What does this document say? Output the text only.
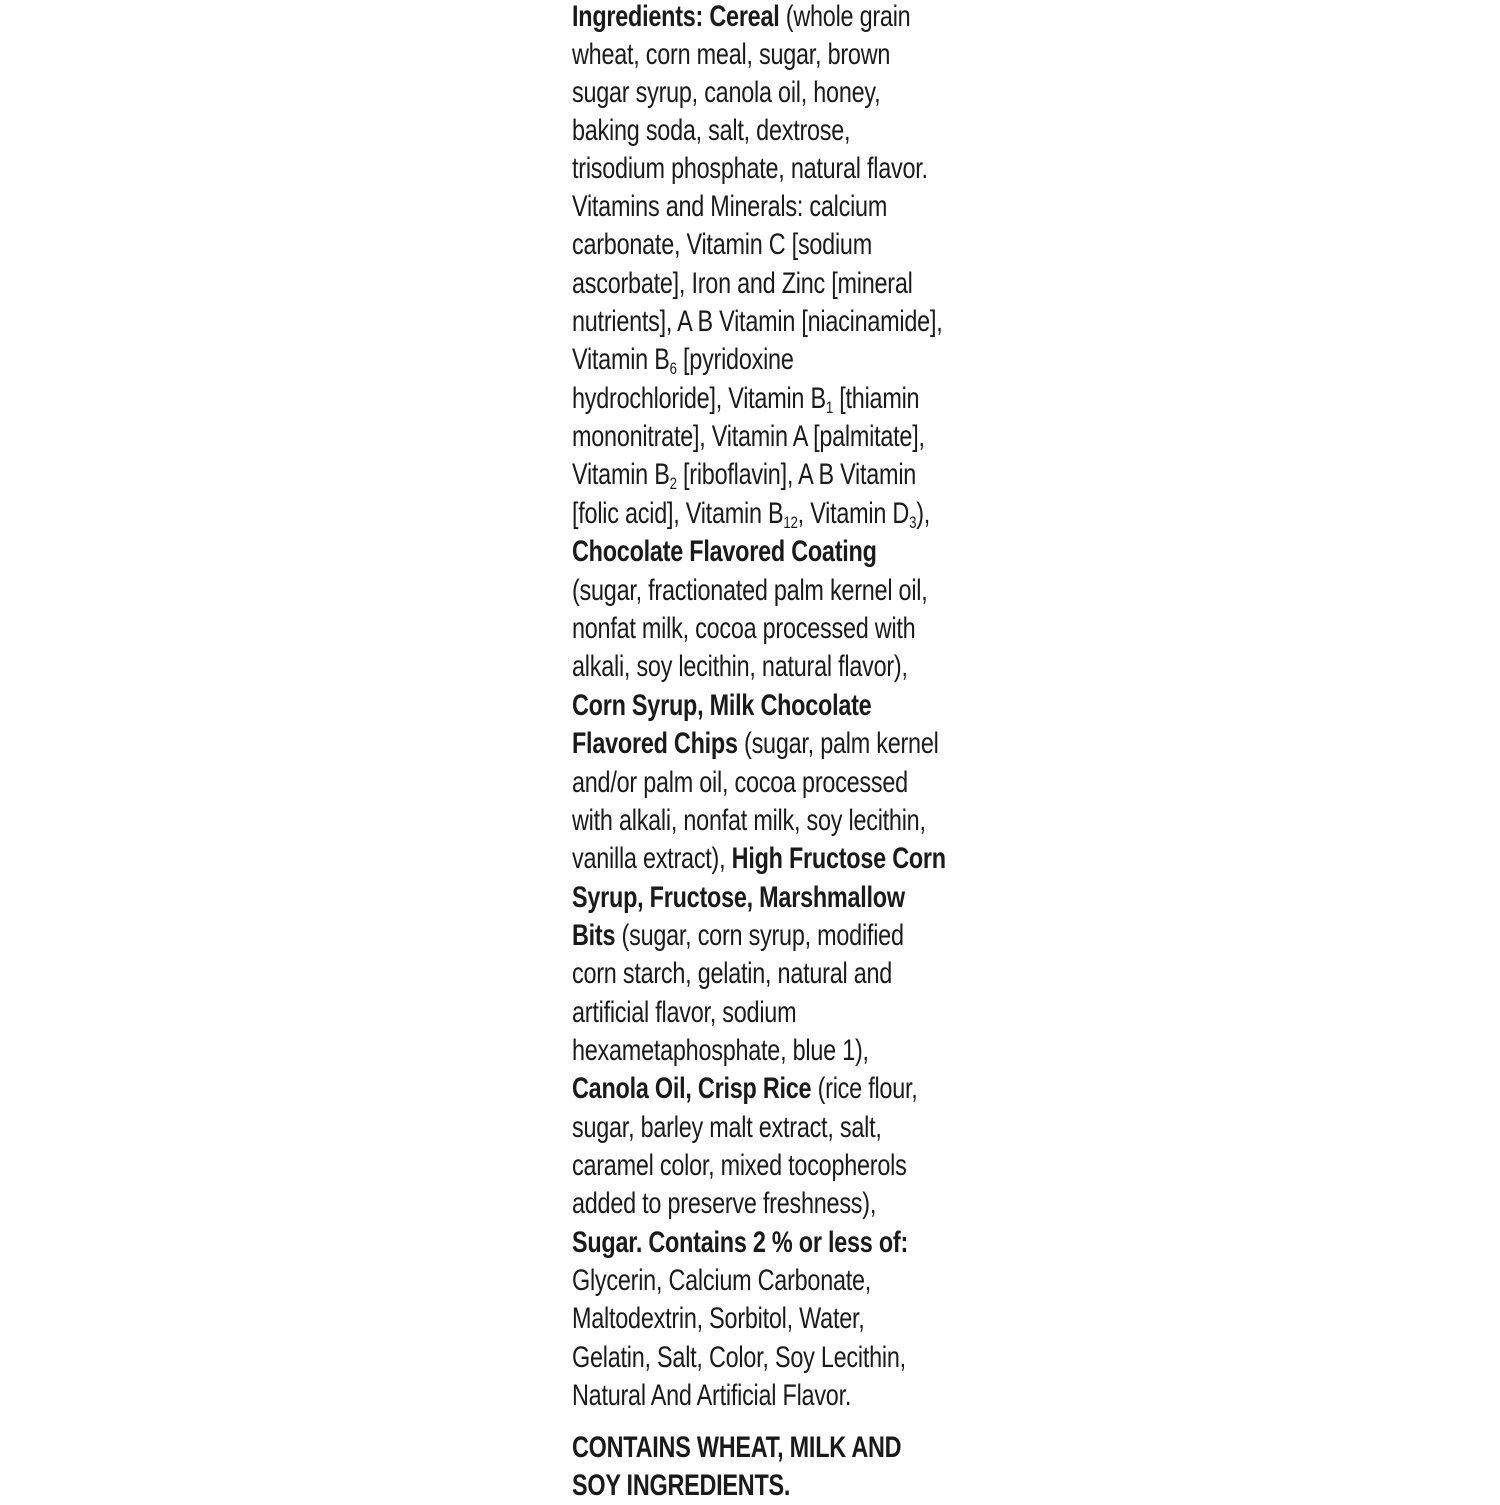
Ingredients: Cereal (whole grain
wheat, corn meal, sugar, brown
sugar syrup, canola oil, honey,
baking soda, salt, dextrose,
trisodium phosphate, natural flavor.
Vitamins and Minerals: calcium
carbonate, Vitamin C [sodium
ascorbate], Iron and Zinc [mineral
nutrients], A B Vitamin [niacinamide],
Vitamin $B_6$ [pyridoxine
hydrochloride], Vitamin $B_1$ [thiamin
mononitrate], Vitamin A [palmitate],
Vitamin $B_2$ [riboflavin], A B Vitamin
[folic acid], Vitamin $B_{12}$, Vitamin $D_3$),
Chocolate Flavored Coating
(sugar, fractionated palm kernel oil,
nonfat milk, cocoa processed with
alkali, soy lecithin, natural flavor),
Corn Syrup, Milk Chocolate
Flavored Chips (sugar, palm kernel
and/or palm oil, cocoa processed
with alkali, nonfat milk, soy lecithin,
vanilla extract), High Fructose Corn
Syrup, Fructose, Marshmallow
Bits (sugar, corn syrup, modified
corn starch, gelatin, natural and
artificial flavor, sodium
hexametaphosphate, blue 1),
Canola Oil, Crisp Rice (rice flour,
sugar, barley malt extract, salt,
caramel color, mixed tocopherols
added to preserve freshness),
Sugar. Contains 2 % or less of:
Glycerin, Calcium Carbonate,
Maltodextrin, Sorbitol, Water,
Gelatin, Salt, Color, Soy Lecithin,
Natural And Artificial Flavor.
CONTAINS WHEAT, MILK AND
SOY INGREDIENTS.
